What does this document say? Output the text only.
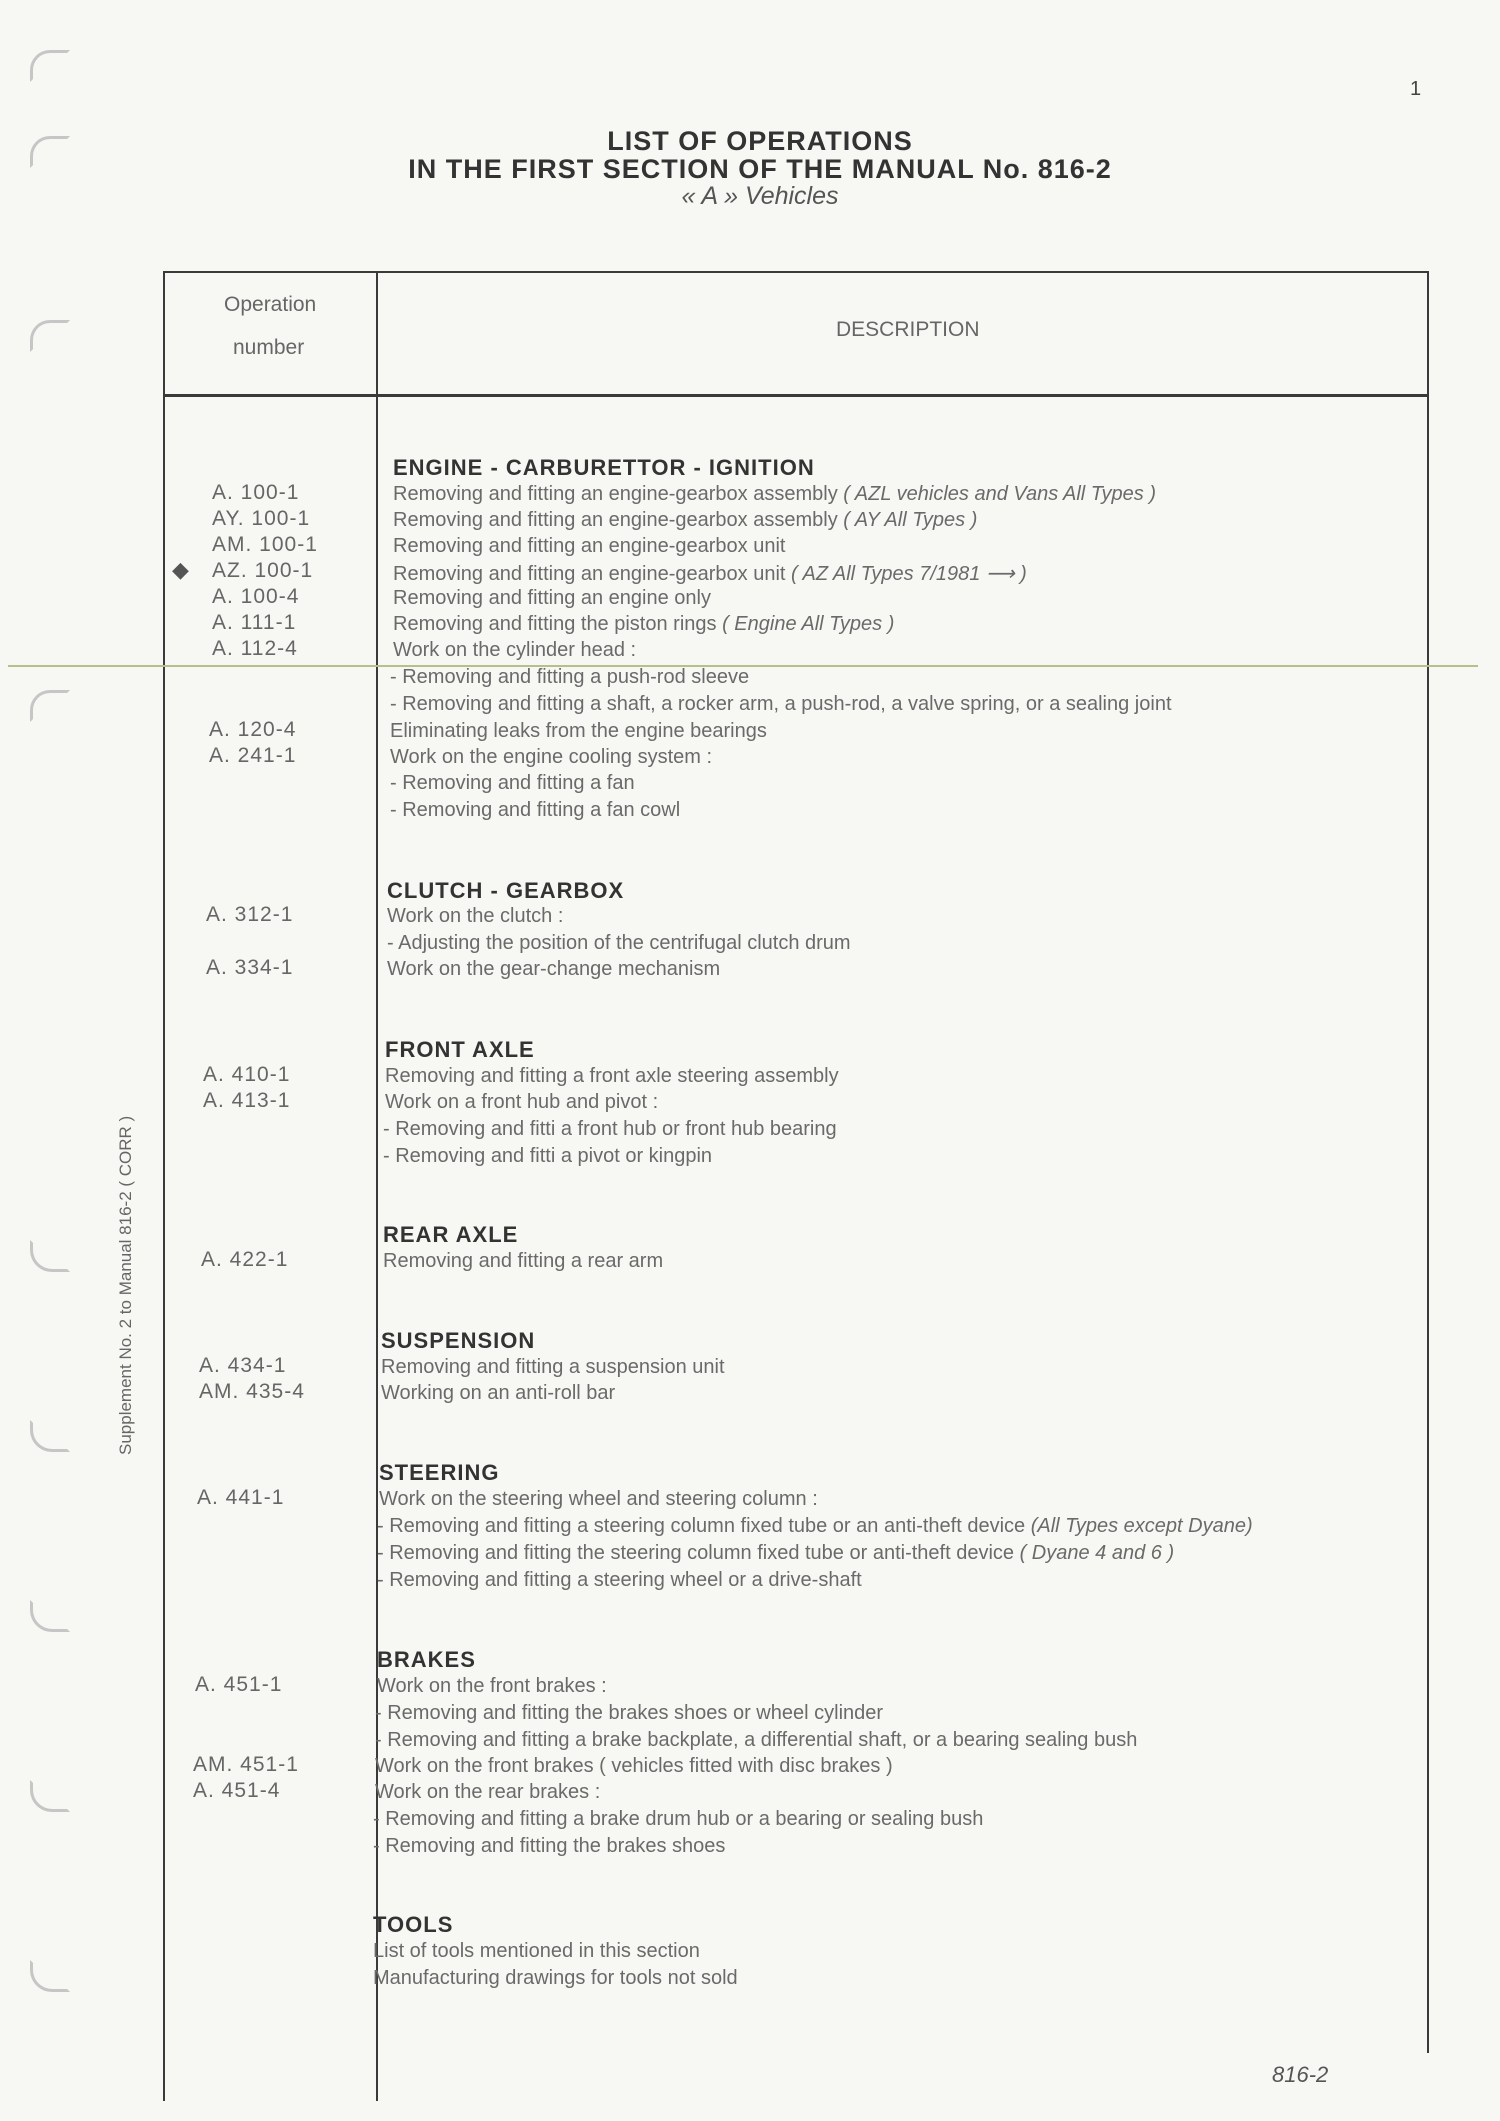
1
LIST OF OPERATIONS
IN THE FIRST SECTION OF THE MANUAL No. 816-2
« A » Vehicles
Operation
number
DESCRIPTION
ENGINE - CARBURETTOR - IGNITION
A. 100-1	Removing and fitting an engine-gearbox assembly ( AZL vehicles and Vans All Types )
AY. 100-1	Removing and fitting an engine-gearbox assembly ( AY All Types )
AM. 100-1	Removing and fitting an engine-gearbox unit
◆ AZ. 100-1	Removing and fitting an engine-gearbox unit ( AZ All Types 7/1981 ⟶ )
A. 100-4	Removing and fitting an engine only
A. 111-1	Removing and fitting the piston rings ( Engine All Types )
A. 112-4	Work on the cylinder head :
- Removing and fitting a push-rod sleeve
- Removing and fitting a shaft, a rocker arm, a push-rod, a valve spring, or a sealing joint
A. 120-4	Eliminating leaks from the engine bearings
A. 241-1	Work on the engine cooling system :
- Removing and fitting a fan
- Removing and fitting a fan cowl
CLUTCH - GEARBOX
A. 312-1	Work on the clutch :
- Adjusting the position of the centrifugal clutch drum
A. 334-1	Work on the gear-change mechanism
FRONT AXLE
A. 410-1	Removing and fitting a front axle steering assembly
A. 413-1	Work on a front hub and pivot :
- Removing and fitti a front hub or front hub bearing
- Removing and fitti a pivot or kingpin
REAR AXLE
A. 422-1	Removing and fitting a rear arm
SUSPENSION
A. 434-1	Removing and fitting a suspension unit
AM. 435-4	Working on an anti-roll bar
STEERING
A. 441-1	Work on the steering wheel and steering column :
- Removing and fitting a steering column fixed tube or an anti-theft device (All Types except Dyane)
- Removing and fitting the steering column fixed tube or anti-theft device ( Dyane 4 and 6 )
- Removing and fitting a steering wheel or a drive-shaft
BRAKES
A. 451-1	Work on the front brakes :
- Removing and fitting the brakes shoes or wheel cylinder
- Removing and fitting a brake backplate, a differential shaft, or a bearing sealing bush
AM. 451-1	Work on the front brakes ( vehicles fitted with disc brakes )
A. 451-4	Work on the rear brakes :
- Removing and fitting a brake drum hub or a bearing or sealing bush
- Removing and fitting the brakes shoes
TOOLS
List of tools mentioned in this section
Manufacturing drawings for tools not sold
Supplement No. 2 to Manual 816-2 ( CORR )
816-2
